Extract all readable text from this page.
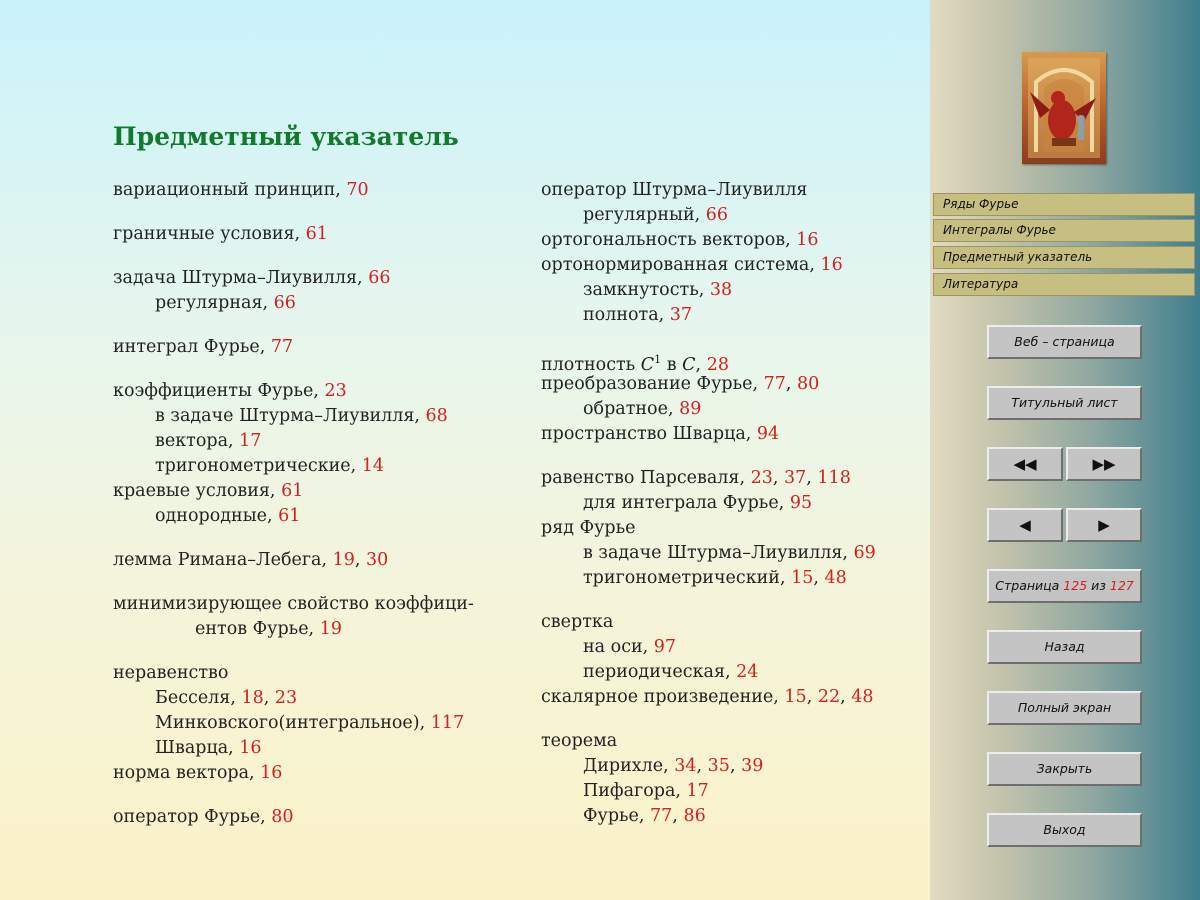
Предметный указатель
вариационный принцип, 70
граничные условия, 61
задача Штурма–Лиувилля, 66
регулярная, 66
интеграл Фурье, 77
коэффициенты Фурье, 23
в задаче Штурма–Лиувилля, 68
вектора, 17
тригонометрические, 14
краевые условия, 61
однородные, 61
лемма Римана–Лебега, 19, 30
минимизирующее свойство коэффици-
ентов Фурье, 19
неравенство
Бесселя, 18, 23
Минковского(интегральное), 117
Шварца, 16
норма вектора, 16
оператор Фурье, 80
оператор Штурма–Лиувилля
регулярный, 66
ортогональность векторов, 16
ортонормированная система, 16
замкнутость, 38
полнота, 37
плотность $C^1$ в C, 28
преобразование Фурье, 77, 80
обратное, 89
пространство Шварца, 94
равенство Парсеваля, 23, 37, 118
для интеграла Фурье, 95
ряд Фурье
в задаче Штурма–Лиувилля, 69
тригонометрический, 15, 48
свертка
на оси, 97
периодическая, 24
скалярное произведение, 15, 22, 48
теорема
Дирихле, 34, 35, 39
Пифагора, 17
Фурье, 77, 86
Ряды Фурье
Интегралы Фурье
Предметный указатель
Литература
Веб – страница
Титульный лист
◀◀	▶▶
◀	▶
Страница 125 из 127
Назад
Полный экран
Закрыть
Выход
